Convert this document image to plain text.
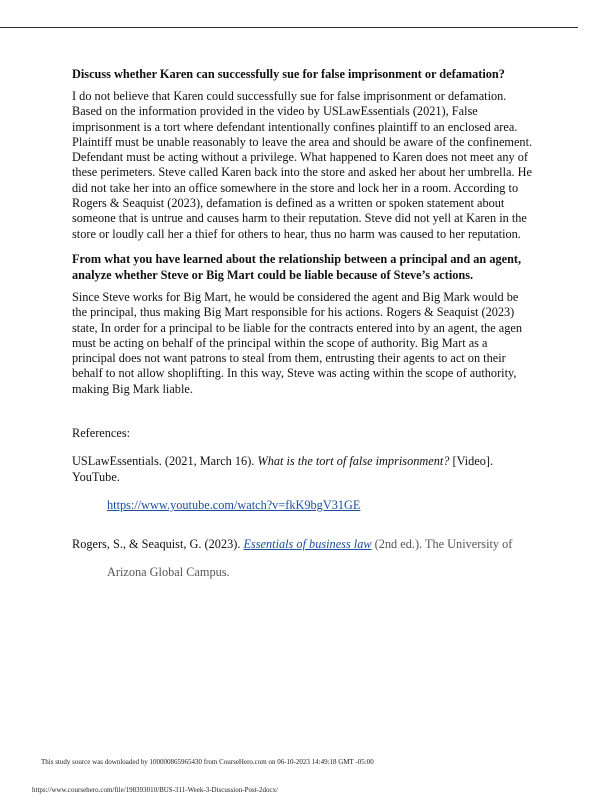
Discuss whether Karen can successfully sue for false imprisonment or defamation?

I do not believe that Karen could successfully sue for false imprisonment or defamation. Based on the information provided in the video by USLawEssentials (2021), False imprisonment is a tort where defendant intentionally confines plaintiff to an enclosed area. Plaintiff must be unable reasonably to leave the area and should be aware of the confinement. Defendant must be acting without a privilege. What happened to Karen does not meet any of these perimeters. Steve called Karen back into the store and asked her about her umbrella. He did not take her into an office somewhere in the store and lock her in a room. According to Rogers & Seaquist (2023), defamation is defined as a written or spoken statement about someone that is untrue and causes harm to their reputation. Steve did not yell at Karen in the store or loudly call her a thief for others to hear, thus no harm was caused to her reputation.

From what you have learned about the relationship between a principal and an agent, analyze whether Steve or Big Mart could be liable because of Steve’s actions.

Since Steve works for Big Mart, he would be considered the agent and Big Mark would be the principal, thus making Big Mart responsible for his actions. Rogers & Seaquist (2023) state, In order for a principal to be liable for the contracts entered into by an agent, the agen must be acting on behalf of the principal within the scope of authority. Big Mart as a principal does not want patrons to steal from them, entrusting their agents to act on their behalf to not allow shoplifting. In this way, Steve was acting within the scope of authority, making Big Mark liable.

References:

USLawEssentials. (2021, March 16). What is the tort of false imprisonment? [Video]. YouTube.

https://www.youtube.com/watch?v=fkK9bgV31GE

Rogers, S., & Seaquist, G. (2023). Essentials of business law (2nd ed.). The University of

Arizona Global Campus.

This study source was downloaded by 100000865965430 from CourseHero.com on 06-10-2023 14:49:18 GMT -05:00
https://www.coursehero.com/file/198393010/BUS-311-Week-3-Discussion-Post-2docx/
